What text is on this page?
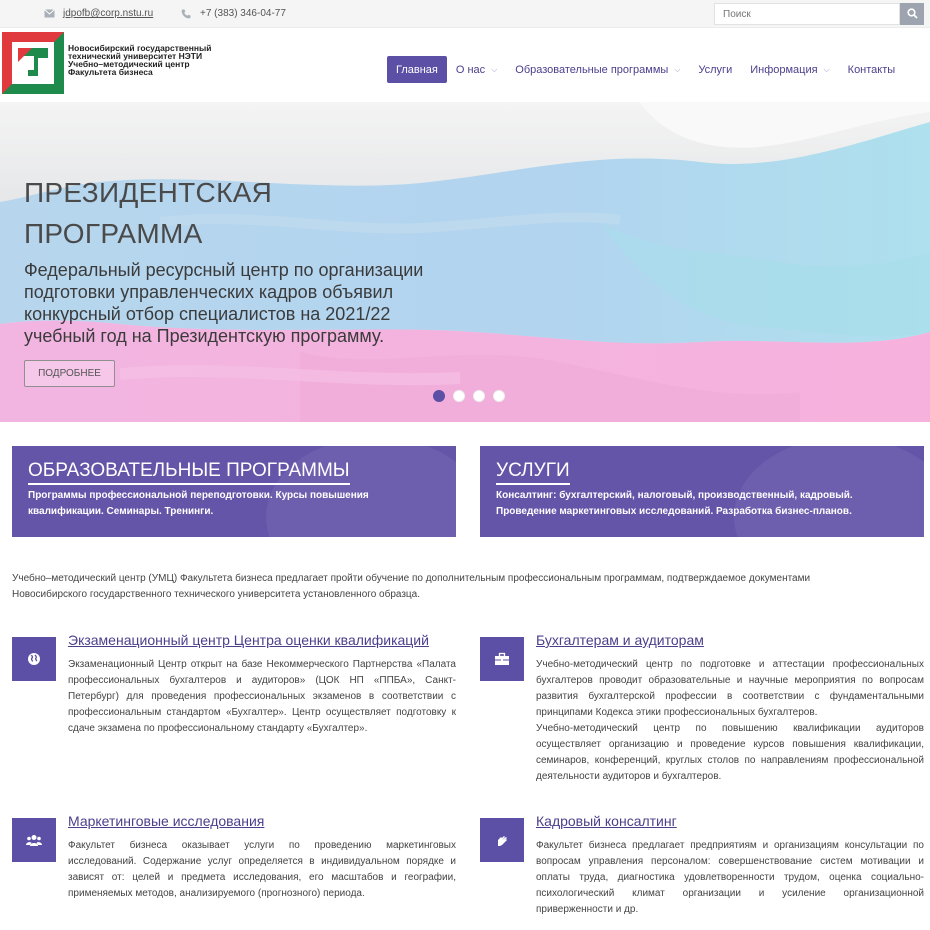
jdpofb@corp.nstu.ru	+7 (383) 346-04-77
Поиск
Новосибирский государственный
технический университет НЭТИ
Учебно–методический центр
Факультета бизнеса	Главная О нас ⌵ Образовательные программы ⌵ Услуги Информация ⌵ Контакты
ПРЕЗИДЕНТСКАЯ
ПРОГРАММА
Федеральный ресурсный центр по организации подготовки управленческих кадров объявил конкурсный отбор специалистов на 2021/22 учебный год на Президентскую программу.
ПОДРОБНЕЕ
ОБРАЗОВАТЕЛЬНЫЕ ПРОГРАММЫ
Программы профессиональной переподготовки. Курсы повышения квалификации. Семинары. Тренинги.
УСЛУГИ
Консалтинг: бухгалтерский, налоговый, производственный, кадровый. Проведение маркетинговых исследований. Разработка бизнес-планов.
Учебно–методический центр (УМЦ) Факультета бизнеса предлагает пройти обучение по дополнительным профессиональным программам, подтверждаемое документами Новосибирского государственного технического университета установленного образца.
Экзаменационный центр Центра оценки квалификаций
Экзаменационный Центр открыт на базе Некоммерческого Партнерства «Палата профессиональных бухгалтеров и аудиторов» (ЦОК НП «ППБА», Санкт-Петербург) для проведения профессиональных экзаменов в соответствии с профессиональным стандартом «Бухгалтер». Центр осуществляет подготовку к сдаче экзамена по профессиональному стандарту «Бухгалтер».
Бухгалтерам и аудиторам

Учебно-методический центр по подготовке и аттестации профессиональных бухгалтеров проводит образовательные и научные мероприятия по вопросам развития бухгалтерской профессии в соответствии с фундаментальными принципами Кодекса этики профессиональных бухгалтеров.

Учебно-методический центр по повышению квалификации аудиторов осуществляет организацию и проведение курсов повышения квалификации, семинаров, конференций, круглых столов по направлениям профессиональной деятельности аудиторов и бухгалтеров.

Маркетинговые исследования
Факультет бизнеса оказывает услуги по проведению маркетинговых исследований. Содержание услуг определяется в индивидуальном порядке и зависят от: целей и предмета исследования, его масштабов и географии, применяемых методов, анализируемого (прогнозного) периода.
Кадровый консалтинг
Факультет бизнеса предлагает предприятиям и организациям консультации по вопросам управления персоналом: совершенствование систем мотивации и оплаты труда, диагностика удовлетворенности трудом, оценка социально-психологический климат организации и усиление организационной приверженности и др.
